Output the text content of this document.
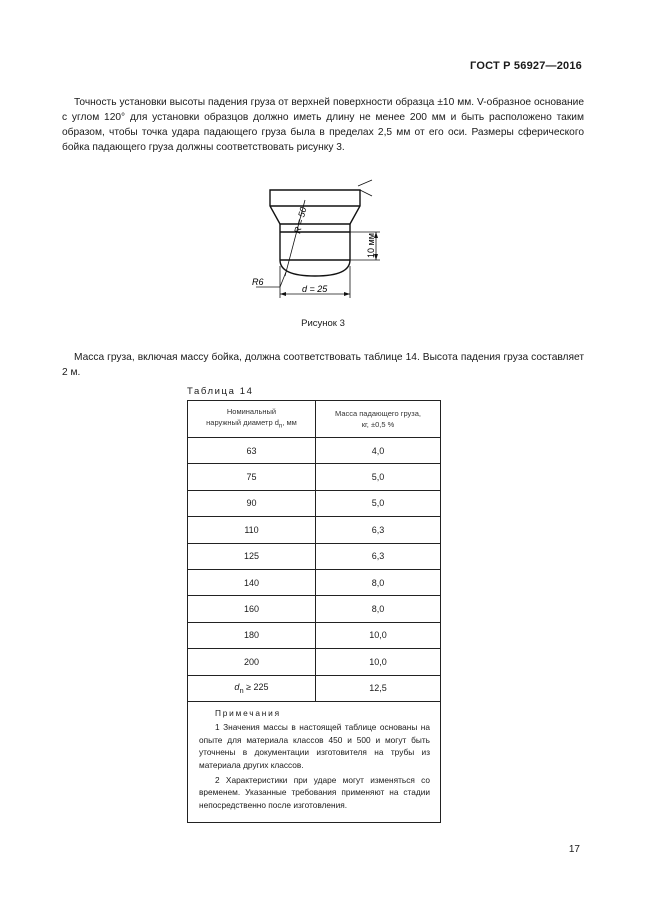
ГОСТ Р 56927—2016
Точность установки высоты падения груза от верхней поверхности образца ±10 мм. V-образное основание с углом 120° для установки образцов должно иметь длину не менее 200 мм и быть расположено таким образом, чтобы точка удара падающего груза была в пределах 2,5 мм от его оси. Размеры сферического бойка падающего груза должны соответствовать рисунку 3.
R = 50
R6
10 мм
d = 25
Рисунок 3
Масса груза, включая массу бойка, должна соответствовать таблице 14. Высота падения груза составляет 2 м.
Таблица 14
Номинальный
наружный диаметр $d_n$, мм	Масса падающего груза,
кг, ±0,5 %
63	4,0
75	5,0
90	5,0
110	6,3
125	6,3
140	8,0
160	8,0
180	10,0
200	10,0
$d_n \ge 225$	12,5

Примечания

1 Значения массы в настоящей таблице основаны на опыте для материала классов 450 и 500 и могут быть уточнены в документации изготовителя на трубы из материала других классов.

2 Характеристики при ударе могут изменяться со временем. Указанные требования применяют на стадии непосредственно после изготовления.	

17
